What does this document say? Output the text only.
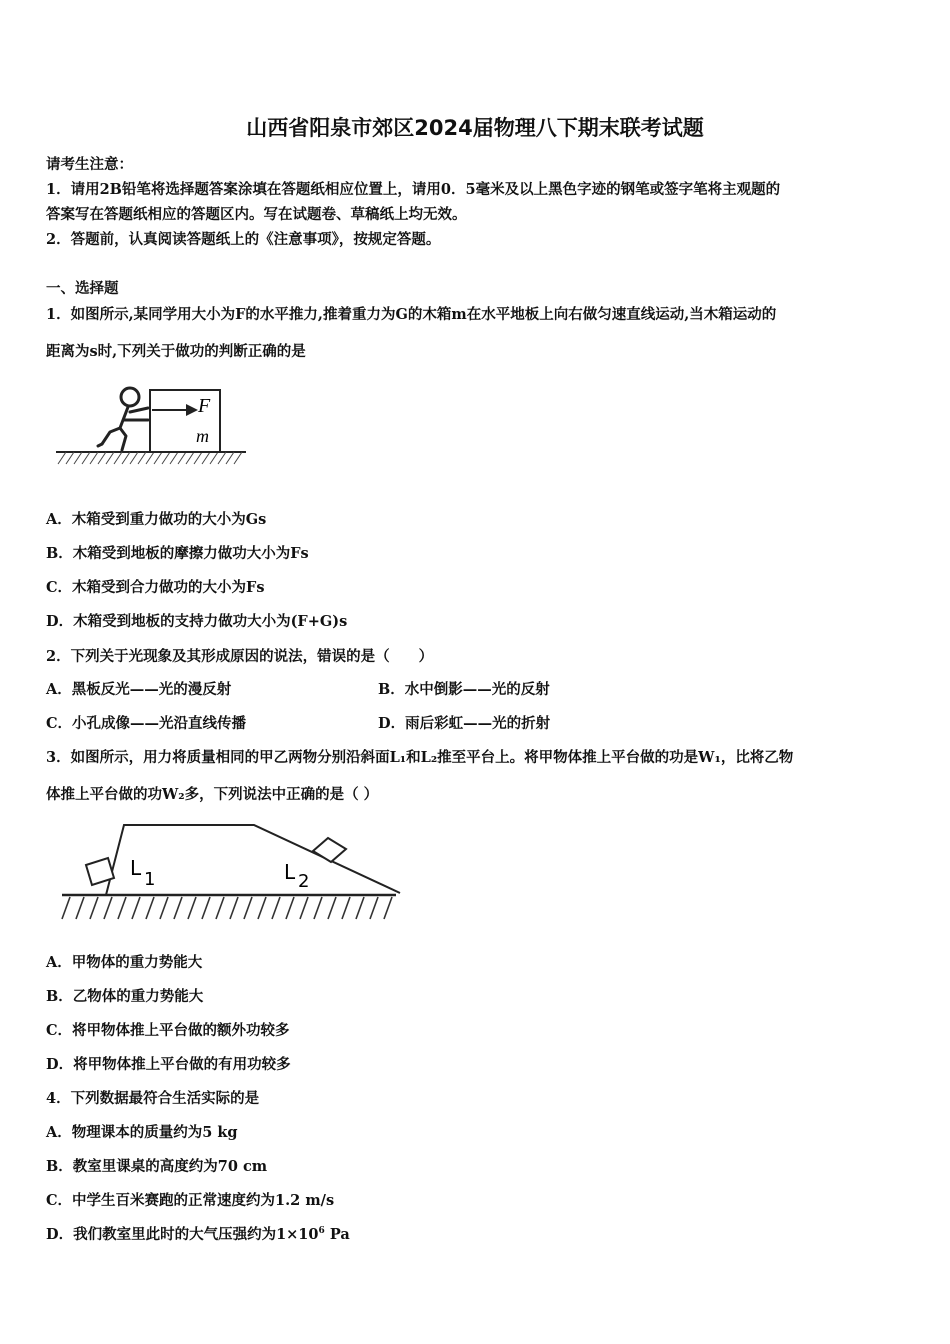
山西省阳泉市郊区2024届物理八下期末联考试题
请考生注意：
1．请用2B铅笔将选择题答案涂填在答题纸相应位置上，请用0．5毫米及以上黑色字迹的钢笔或签字笔将主观题的
答案写在答题纸相应的答题区内。写在试题卷、草稿纸上均无效。
2．答题前，认真阅读答题纸上的《注意事项》，按规定答题。
一、选择题
1．如图所示,某同学用大小为F的水平推力,推着重力为G的木箱m在水平地板上向右做匀速直线运动,当木箱运动的
距离为s时,下列关于做功的判断正确的是
F
m
A．木箱受到重力做功的大小为Gs
B．木箱受到地板的摩擦力做功大小为Fs
C．木箱受到合力做功的大小为Fs
D．木箱受到地板的支持力做功大小为(F+G)s
2．下列关于光现象及其形成原因的说法，错误的是（　　）
A．黑板反光——光的漫反射	B．水中倒影——光的反射
C．小孔成像——光沿直线传播	D．雨后彩虹——光的折射
3．如图所示，用力将质量相同的甲乙两物分别沿斜面L₁和L₂推至平台上。将甲物体推上平台做的功是W₁，比将乙物
体推上平台做的功W₂多，下列说法中正确的是（ ）
L 1	L 2
A．甲物体的重力势能大
B．乙物体的重力势能大
C．将甲物体推上平台做的额外功较多
D．将甲物体推上平台做的有用功较多
4．下列数据最符合生活实际的是
A．物理课本的质量约为5 kg
B．教室里课桌的高度约为70 cm
C．中学生百米赛跑的正常速度约为1.2 m/s
D．我们教室里此时的大气压强约为$1\times 10^6$ Pa
